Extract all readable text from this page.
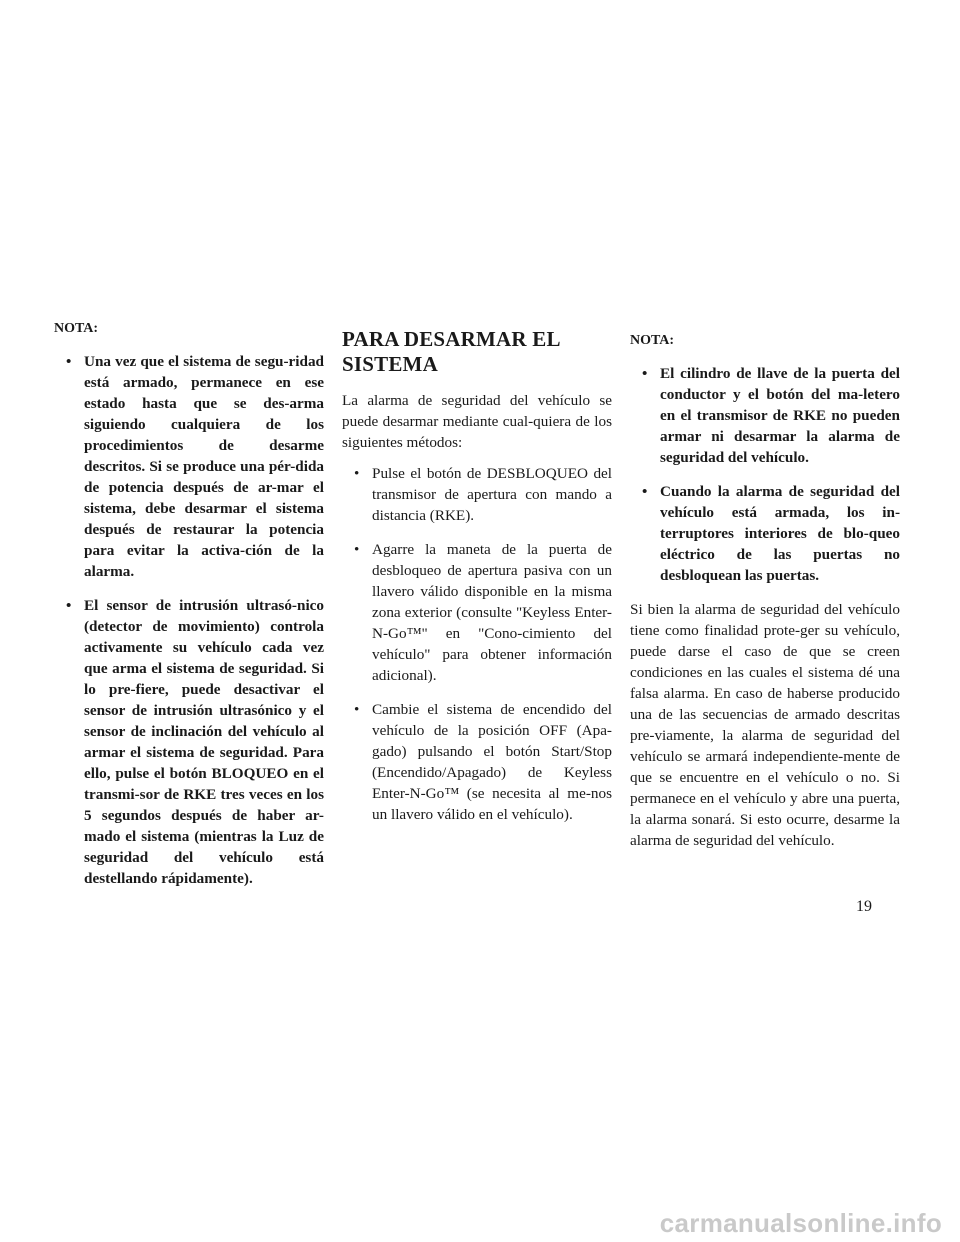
NOTA:
• Una vez que el sistema de segu-ridad está armado, permanece en ese estado hasta que se des-arma siguiendo cualquiera de los procedimientos de desarme descritos. Si se produce una pér-dida de potencia después de ar-mar el sistema, debe desarmar el sistema después de restaurar la potencia para evitar la activa-ción de la alarma.
• El sensor de intrusión ultrasó-nico (detector de movimiento) controla activamente su vehículo cada vez que arma el sistema de seguridad. Si lo pre-fiere, puede desactivar el sensor de intrusión ultrasónico y el sensor de inclinación del vehículo al armar el sistema de seguridad. Para ello, pulse el botón BLOQUEO en el transmi-sor de RKE tres veces en los 5 segundos después de haber ar-mado el sistema (mientras la Luz de seguridad del vehículo está destellando rápidamente).
PARA DESARMAR EL SISTEMA

La alarma de seguridad del vehículo se puede desarmar mediante cual-quiera de los siguientes métodos:

• Pulse el botón de DESBLOQUEO del transmisor de apertura con mando a distancia (RKE).
• Agarre la maneta de la puerta de desbloqueo de apertura pasiva con un llavero válido disponible en la misma zona exterior (consulte "Keyless Enter-N-Go™" en "Cono-cimiento del vehículo" para obtener información adicional).
• Cambie el sistema de encendido del vehículo de la posición OFF (Apa-gado) pulsando el botón Start/Stop (Encendido/Apagado) de Keyless Enter-N-Go™ (se necesita al me-nos un llavero válido en el vehículo).
NOTA:
• El cilindro de llave de la puerta del conductor y el botón del ma-letero en el transmisor de RKE no pueden armar ni desarmar la alarma de seguridad del vehículo.
• Cuando la alarma de seguridad del vehículo está armada, los in-terruptores interiores de blo-queo eléctrico de las puertas no desbloquean las puertas.

Si bien la alarma de seguridad del vehículo tiene como finalidad prote-ger su vehículo, puede darse el caso de que se creen condiciones en las cuales el sistema dé una falsa alarma. En caso de haberse producido una de las secuencias de armado descritas pre-viamente, la alarma de seguridad del vehículo se armará independiente-mente de que se encuentre en el vehículo o no. Si permanece en el vehículo y abre una puerta, la alarma sonará. Si esto ocurre, desarme la alarma de seguridad del vehículo.

19
carmanualsonline.info
